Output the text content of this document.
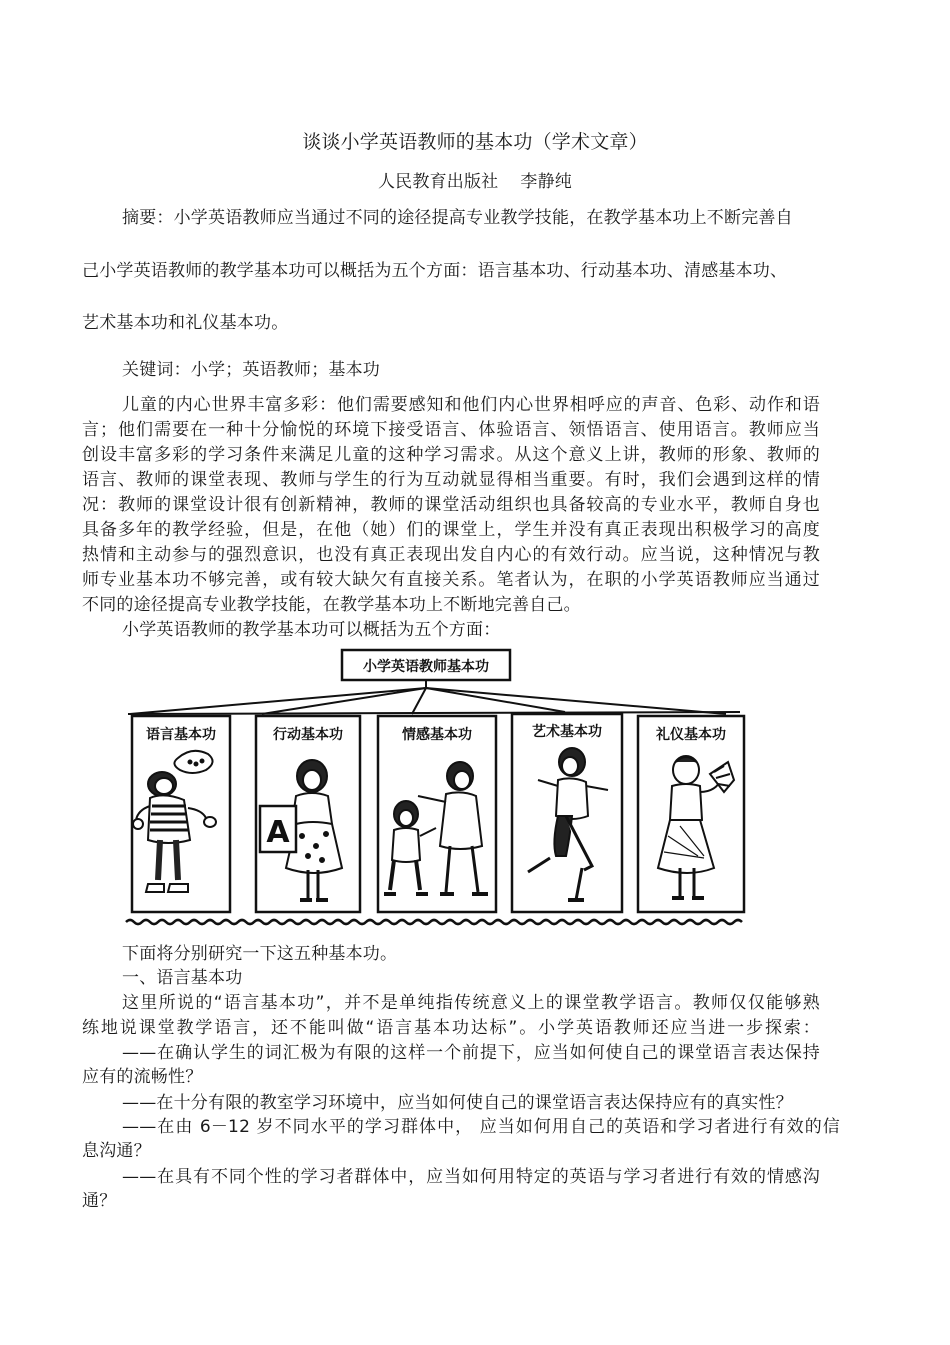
谈谈小学英语教师的基本功（学术文章）
人民教育出版社 李静纯
摘要：小学英语教师应当通过不同的途径提高专业教学技能，在教学基本功上不断完善自
己小学英语教师的教学基本功可以概括为五个方面：语言基本功、行动基本功、清感基本功、
艺术基本功和礼仪基本功。
关键词：小学；英语教师；基本功
儿童的内心世界丰富多彩：他们需要感知和他们内心世界相呼应的声音、色彩、动作和语
言；他们需要在一种十分愉悦的环境下接受语言、体验语言、领悟语言、使用语言。教师应当
创设丰富多彩的学习条件来满足儿童的这种学习需求。从这个意义上讲，教师的形象、教师的
语言、教师的课堂表现、教师与学生的行为互动就显得相当重要。有时，我们会遇到这样的情
况：教师的课堂设计很有创新精神，教师的课堂活动组织也具备较高的专业水平，教师自身也
具备多年的教学经验，但是，在他（她）们的课堂上，学生并没有真正表现出积极学习的高度
热情和主动参与的强烈意识，也没有真正表现出发自内心的有效行动。应当说，这种情况与教
师专业基本功不够完善，或有较大缺欠有直接关系。笔者认为，在职的小学英语教师应当通过
不同的途径提高专业教学技能，在教学基本功上不断地完善自己。
小学英语教师的教学基本功可以概括为五个方面：
小学英语教师基本功
语言基本功	行动基本功	情感基本功	艺术基本功	礼仪基本功
A
下面将分别研究一下这五种基本功。
一、语言基本功
这里所说的“语言基本功”，并不是单纯指传统意义上的课堂教学语言。教师仅仅能够熟
练地说课堂教学语言，还不能叫做“语言基本功达标”。小学英语教师还应当进一步探索：
——在确认学生的词汇极为有限的这样一个前提下，应当如何使自己的课堂语言表达保持
应有的流畅性？
——在十分有限的教室学习环境中，应当如何使自己的课堂语言表达保持应有的真实性？
——在由 6－12 岁不同水平的学习群体中， 应当如何用自己的英语和学习者进行有效的信
息沟通？
——在具有不同个性的学习者群体中，应当如何用特定的英语与学习者进行有效的情感沟
通？
